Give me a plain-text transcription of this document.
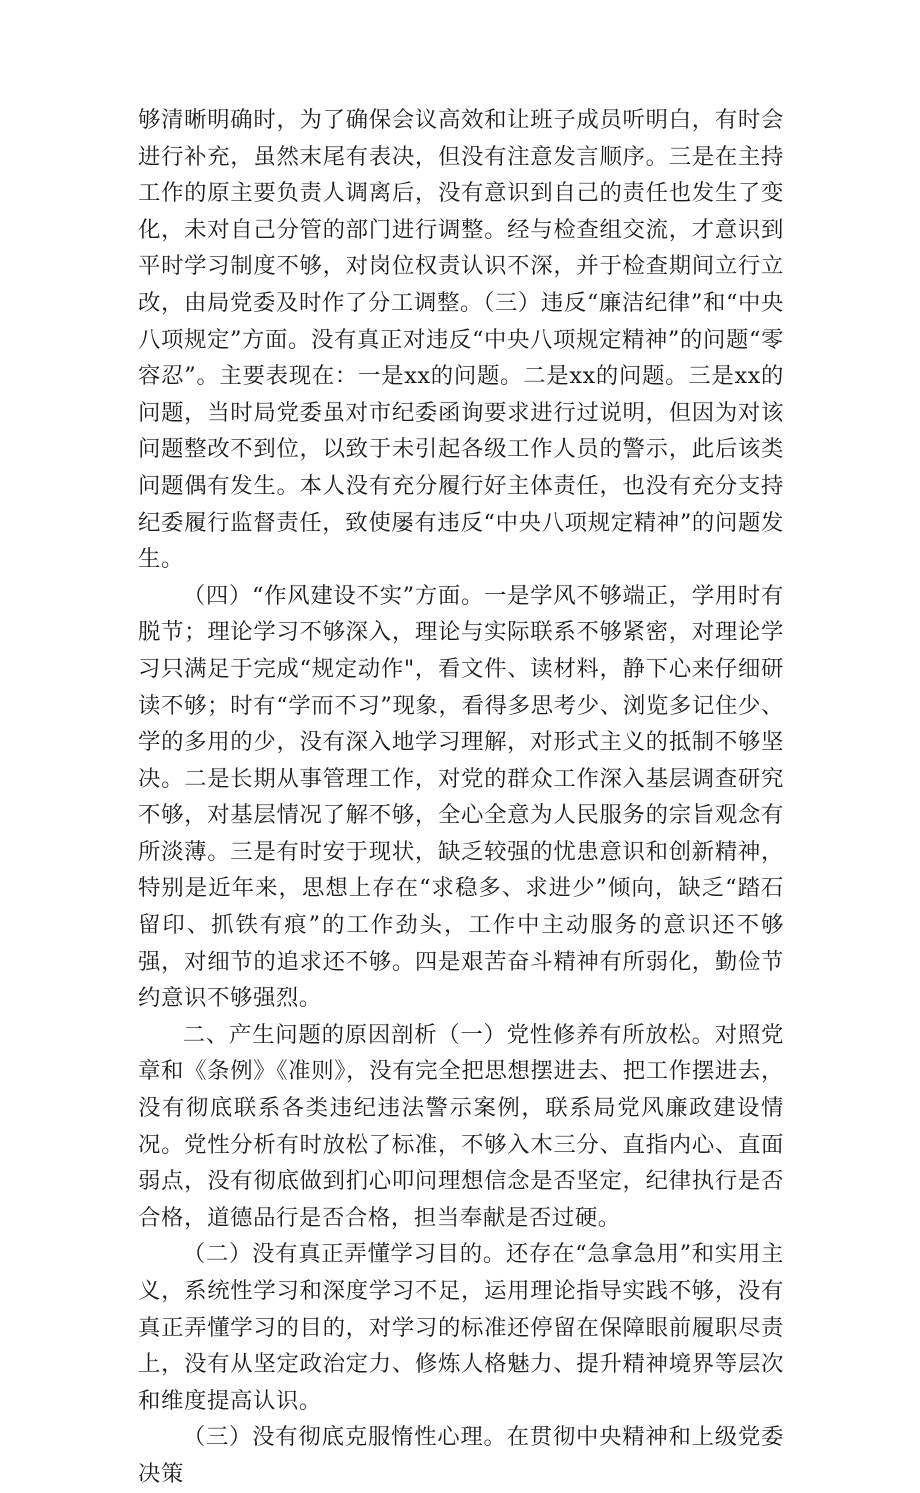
够清晰明确时，为了确保会议高效和让班子成员听明白，有时会进行补充，虽然末尾有表决，但没有注意发言顺序。三是在主持工作的原主要负责人调离后，没有意识到自己的责任也发生了变化，未对自己分管的部门进行调整。经与检查组交流，才意识到平时学习制度不够，对岗位权责认识不深，并于检查期间立行立改，由局党委及时作了分工调整。（三）违反“廉洁纪律”和“中央八项规定”方面。没有真正对违反“中央八项规定精神”的问题“零容忍”。主要表现在：一是xx的问题。二是xx的问题。三是xx的问题，当时局党委虽对市纪委函询要求进行过说明，但因为对该问题整改不到位，以致于未引起各级工作人员的警示，此后该类问题偶有发生。本人没有充分履行好主体责任，也没有充分支持纪委履行监督责任，致使屡有违反“中央八项规定精神”的问题发生。

（四）“作风建设不实”方面。一是学风不够端正，学用时有脱节；理论学习不够深入，理论与实际联系不够紧密，对理论学习只满足于完成“规定动作"，看文件、读材料，静下心来仔细研读不够；时有“学而不习”现象，看得多思考少、浏览多记住少、学的多用的少，没有深入地学习理解，对形式主义的抵制不够坚决。二是长期从事管理工作，对党的群众工作深入基层调查研究不够，对基层情况了解不够，全心全意为人民服务的宗旨观念有所淡薄。三是有时安于现状，缺乏较强的忧患意识和创新精神，特别是近年来，思想上存在“求稳多、求进少”倾向，缺乏“踏石留印、抓铁有痕”的工作劲头，工作中主动服务的意识还不够强，对细节的追求还不够。四是艰苦奋斗精神有所弱化，勤俭节约意识不够强烈。

二、产生问题的原因剖析（一）党性修养有所放松。对照党章和《条例》《准则》，没有完全把思想摆进去、把工作摆进去，没有彻底联系各类违纪违法警示案例，联系局党风廉政建设情况。党性分析有时放松了标准，不够入木三分、直指内心、直面弱点，没有彻底做到扪心叩问理想信念是否坚定，纪律执行是否合格，道德品行是否合格，担当奉献是否过硬。

（二）没有真正弄懂学习目的。还存在“急拿急用”和实用主义，系统性学习和深度学习不足，运用理论指导实践不够，没有真正弄懂学习的目的，对学习的标准还停留在保障眼前履职尽责上，没有从坚定政治定力、修炼人格魅力、提升精神境界等层次和维度提高认识。

（三）没有彻底克服惰性心理。在贯彻中央精神和上级党委决策
